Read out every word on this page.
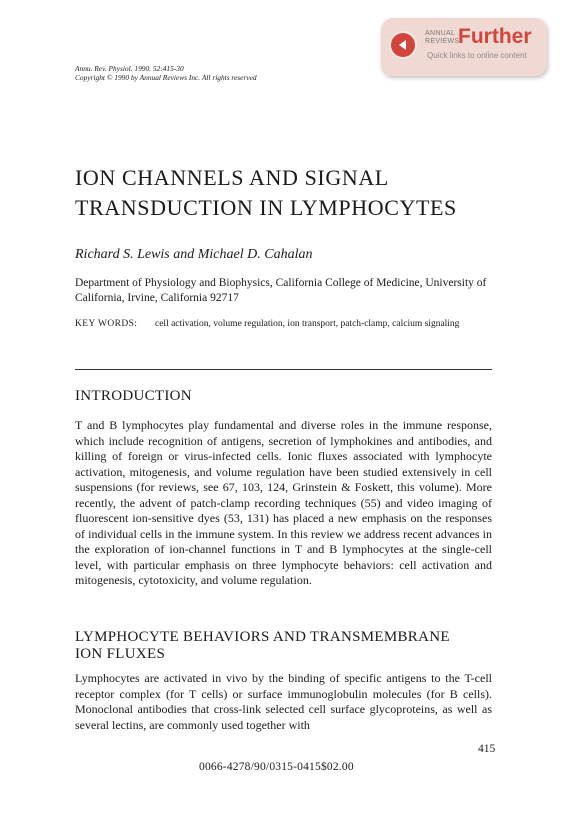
ANNUAL
REVIEWS
Further
Quick links to online content
Annu. Rev. Physiol. 1990. 52:415-30
Copyright © 1990 by Annual Reviews Inc. All rights reserved
ION CHANNELS AND SIGNAL
TRANSDUCTION IN LYMPHOCYTES
Richard S. Lewis and Michael D. Cahalan
Department of Physiology and Biophysics, California College of Medicine, University of California, Irvine, California 92717
KEY WORDS: cell activation, volume regulation, ion transport, patch-clamp, calcium signaling
INTRODUCTION
T and B lymphocytes play fundamental and diverse roles in the immune response, which include recognition of antigens, secretion of lymphokines and antibodies, and killing of foreign or virus-infected cells. Ionic fluxes associated with lymphocyte activation, mitogenesis, and volume regulation have been studied extensively in cell suspensions (for reviews, see 67, 103, 124, Grinstein & Foskett, this volume). More recently, the advent of patch-clamp recording techniques (55) and video imaging of fluorescent ion-sensitive dyes (53, 131) has placed a new emphasis on the responses of individual cells in the immune system. In this review we address recent advances in the exploration of ion-channel functions in T and B lymphocytes at the single-cell level, with particular emphasis on three lymphocyte behaviors: cell activation and mitogenesis, cytotoxicity, and volume regulation.
LYMPHOCYTE BEHAVIORS AND TRANSMEMBRANE
ION FLUXES
Lymphocytes are activated in vivo by the binding of specific antigens to the T-cell receptor complex (for T cells) or surface immunoglobulin molecules (for B cells). Monoclonal antibodies that cross-link selected cell surface glycoproteins, as well as several lectins, are commonly used together with
415
0066-4278/90/0315-0415$02.00
